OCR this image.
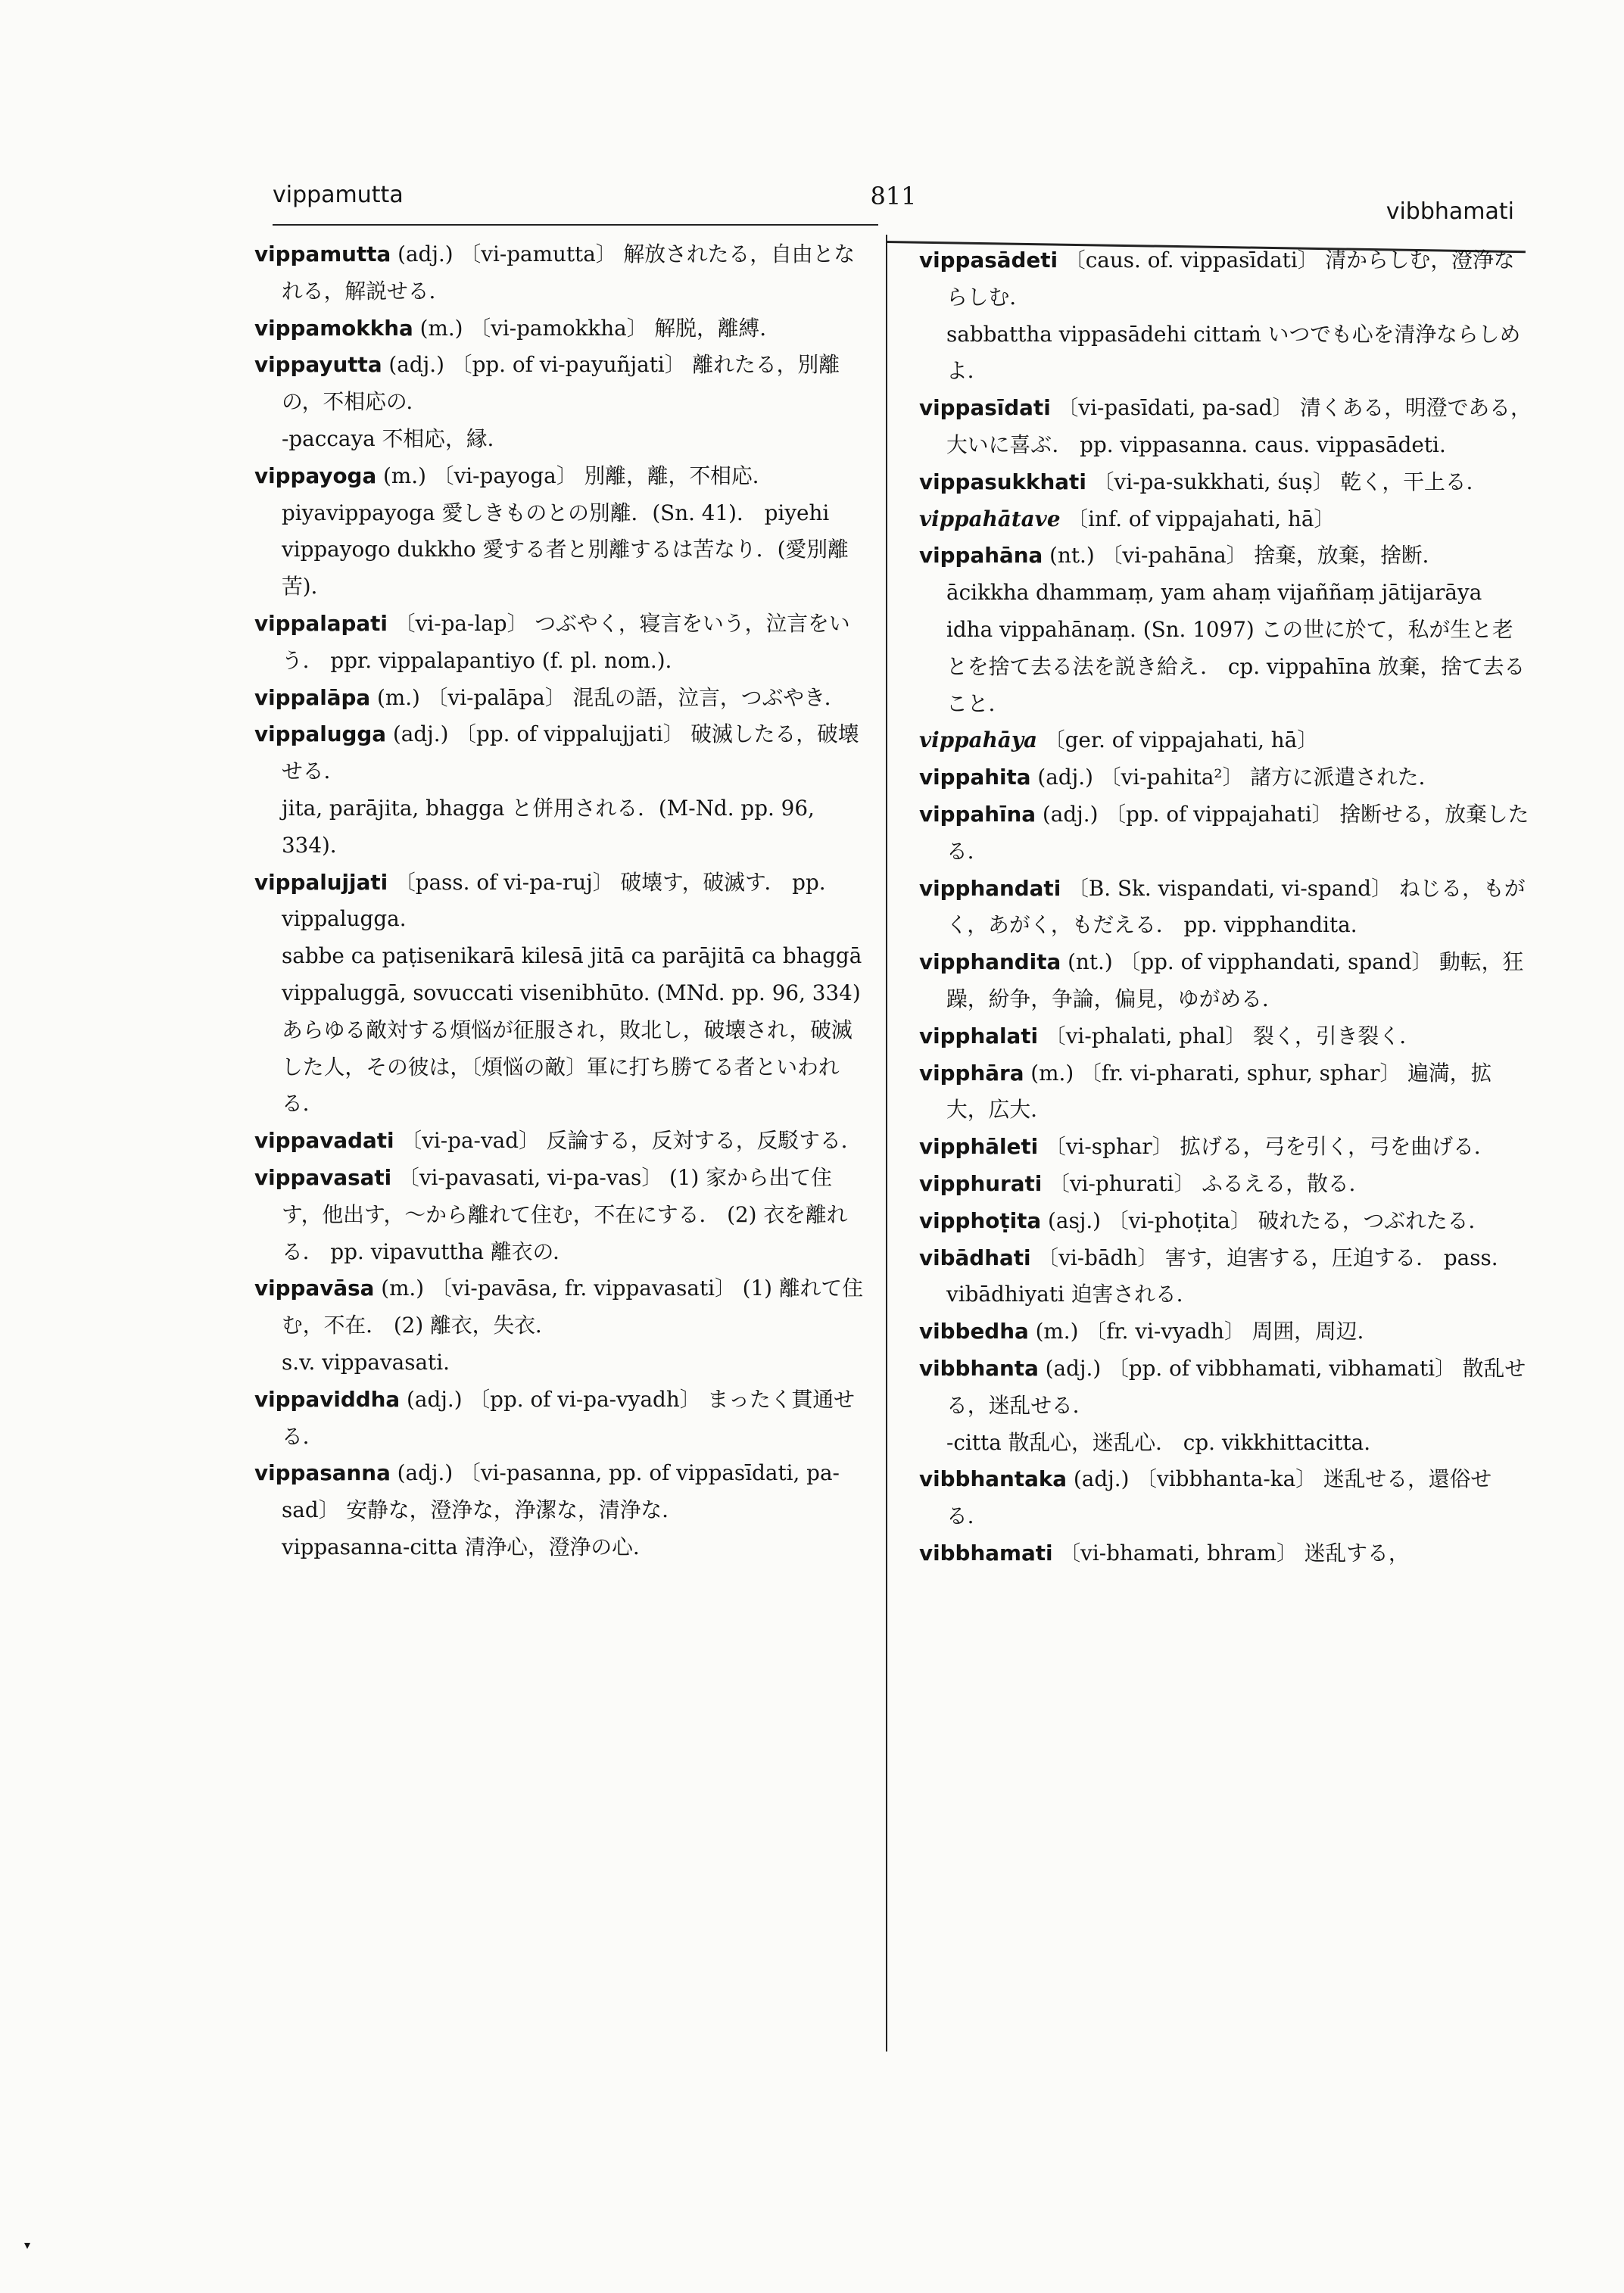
vippamutta	811
vibbhamati
vippamutta (adj.) 〔vi-pamutta〕 解放されたる，自由となれる，解説せる．
vippamokkha (m.) 〔vi-pamokkha〕 解脱，離縛．
vippayutta (adj.) 〔pp. of vi-payuñjati〕 離れたる，別離の，不相応の．
-paccaya 不相応，縁．
vippayoga (m.) 〔vi-payoga〕 別離，離，不相応．
piyavippayoga 愛しきものとの別離．(Sn. 41)． piyehi vippayogo dukkho 愛する者と別離するは苦なり．(愛別離苦)．
vippalapati 〔vi-pa-lap〕 つぶやく，寝言をいう，泣言をいう． ppr. vippalapantiyo (f. pl. nom.)．
vippalāpa (m.) 〔vi-palāpa〕 混乱の語，泣言，つぶやき．
vippalugga (adj.) 〔pp. of vippalujjati〕 破滅したる，破壊せる．
jita, parājita, bhagga と併用される．(M-Nd. pp. 96, 334)．
vippalujjati 〔pass. of vi-pa-ruj〕 破壊す，破滅す． pp. vippalugga.
sabbe ca paṭisenikarā kilesā jitā ca parājitā ca bhaggā vippaluggā, sovuccati visenibhūto. (MNd. pp. 96, 334) あらゆる敵対する煩悩が征服され，敗北し，破壊され，破滅した人，その彼は，〔煩悩の敵〕軍に打ち勝てる者といわれる．
vippavadati 〔vi-pa-vad〕 反論する，反対する，反駁する．
vippavasati 〔vi-pavasati, vi-pa-vas〕 (1) 家から出て住す，他出す，～から離れて住む，不在にする． (2) 衣を離れる． pp. vipavuttha 離衣の．
vippavāsa (m.) 〔vi-pavāsa, fr. vippavasati〕 (1) 離れて住む，不在． (2) 離衣，失衣．
s.v. vippavasati.
vippaviddha (adj.) 〔pp. of vi-pa-vyadh〕 まったく貫通せる．
vippasanna (adj.) 〔vi-pasanna, pp. of vippasīdati, pa-sad〕 安静な，澄浄な，浄潔な，清浄な．
vippasanna-citta 清浄心，澄浄の心．
vippasādeti 〔caus. of. vippasīdati〕 清からしむ，澄浄ならしむ．
sabbattha vippasādehi cittaṁ いつでも心を清浄ならしめよ．
vippasīdati 〔vi-pasīdati, pa-sad〕 清くある，明澄である，大いに喜ぶ． pp. vippasanna. caus. vippasādeti.
vippasukkhati 〔vi-pa-sukkhati, śuṣ〕 乾く，干上る．
vippahātave 〔inf. of vippajahati, hā〕
vippahāna (nt.) 〔vi-pahāna〕 捨棄，放棄，捨断． ācikkha dhammaṃ, yam ahaṃ vijaññaṃ jātijarāya idha vippahānaṃ. (Sn. 1097) この世に於て，私が生と老とを捨て去る法を説き給え． cp. vippahīna 放棄，捨て去ること．
vippahāya 〔ger. of vippajahati, hā〕
vippahita (adj.) 〔vi-pahita²〕 諸方に派遣された．
vippahīna (adj.) 〔pp. of vippajahati〕 捨断せる，放棄したる．
vipphandati 〔B. Sk. vispandati, vi-spand〕 ねじる，もがく，あがく，もだえる． pp. vipphandita.
vipphandita (nt.) 〔pp. of vipphandati, spand〕 動転，狂躁，紛争，争論，偏見，ゆがめる．
vipphalati 〔vi-phalati, phal〕 裂く，引き裂く．
vipphāra (m.) 〔fr. vi-pharati, sphur, sphar〕 遍満，拡大，広大．
vipphāleti 〔vi-sphar〕 拡げる，弓を引く，弓を曲げる．
vipphurati 〔vi-phurati〕 ふるえる，散る．
vipphoṭita (asj.) 〔vi-phoṭita〕 破れたる，つぶれたる．
vibādhati 〔vi-bādh〕 害す，迫害する，圧迫する． pass. vibādhiyati 迫害される．
vibbedha (m.) 〔fr. vi-vyadh〕 周囲，周辺．
vibbhanta (adj.) 〔pp. of vibbhamati, vibhamati〕 散乱せる，迷乱せる．
-citta 散乱心，迷乱心． cp. vikkhittacitta.
vibbhantaka (adj.) 〔vibbhanta-ka〕 迷乱せる，還俗せる．
vibbhamati 〔vi-bhamati, bhram〕 迷乱する，
▾
